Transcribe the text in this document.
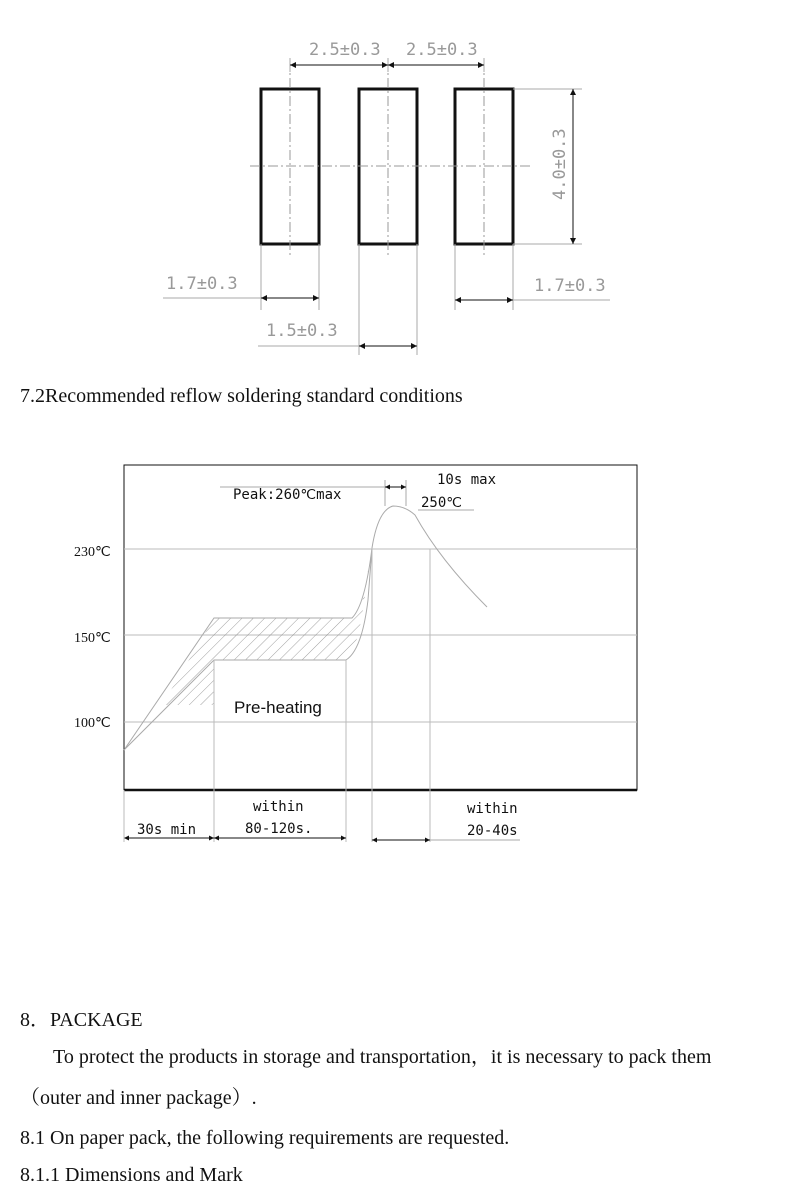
2.5±0.3 2.5±0.3
4.0±0.3
1.7±0.3	1.7±0.3
1.5±0.3
7.2Recommended reflow soldering standard conditions
230℃
150℃
100℃
Peak:260℃max
10s max
250℃
Pre-heating
30s min
within
80-120s.
within
20-40s
8．PACKAGE
To protect the products in storage and transportation，it is necessary to pack them
（outer and inner package）.
8.1 On paper pack, the following requirements are requested.
8.1.1 Dimensions and Mark
